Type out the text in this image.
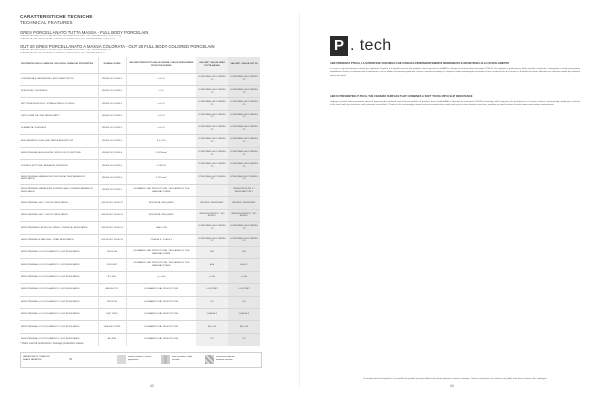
CARATTERISTICHE TECNICHE
TECHNICAL FEATURES
GRES PORCELLANATO TUTTA MASSA - FULL BODY PORCELAIN
CLASSIFICAZIONE: GRUPPO BIa SECONDO NORMA UNI EN 14411 / ISO 13006 ALLEGATO G (E ≤ 0,5%)
CLASSIFICATION: GROUP BIa ACCORDING TO UNI EN 14411 / ISO 13006 APPENDIX G (E ≤ 0,5%)
OUT 20 GRES PORCELLANATO A MASSA COLORATA - OUT 20 FULL BODY COLORED PORCELAIN
CLASSIFICAZIONE: GRUPPO BIa SECONDO NORMA UNI EN 14411 / ISO 13006 ALLEGATO G
CLASSIFICATION: GROUP BIa ACCORDING TO UNI EN 14411 / ISO 13006 APPENDIX G
PROPRIETÀ FISICO-CHIMICHE / PHYSICAL-CHEMICAL PROPERTIES	NORMA / NORM	VALORE PRESCRITTO DALLE NORME / VALUE PRESCRIBED FROM THE NORMS	VALORE* / VALUE GRES TUTTA MASSA	VALORE* / VALUE OUT 20
LUNGHEZZA E LARGHEZZA / LENGTH AND WIDTH	UNI EN ISO 10545-2	± 0,6 %	CONFORME / ACCORDING TO	CONFORME / ACCORDING TO
SPESSORE / THICKNESS	UNI EN ISO 10545-2	± 5 %	CONFORME / ACCORDING TO	CONFORME / ACCORDING TO
RETTILINEITÀ SPIGOLI / STRAIGHTNESS OF SIDES	UNI EN ISO 10545-2	± 0,5 %	CONFORME / ACCORDING TO	CONFORME / ACCORDING TO
ORTOGONALITÀ / RECTANGULARITY	UNI EN ISO 10545-2	± 0,5 %	CONFORME / ACCORDING TO	CONFORME / ACCORDING TO
PLANARITÀ / FLATNESS	UNI EN ISO 10545-2	± 0,5 %	CONFORME / ACCORDING TO	CONFORME / ACCORDING TO
ASSORBIMENTO D'ACQUA / WATER ABSORPTION	UNI EN ISO 10545-3	E ≤ 0,5%	CONFORME / ACCORDING TO	CONFORME / ACCORDING TO
RESISTENZA ALLA FLESSIONE / MODULUS OF RUPTURE	UNI EN ISO 10545-4	≥ 35 N/mm²	CONFORME / ACCORDING TO	CONFORME / ACCORDING TO
FORZA DI ROTTURA / BREAKING STRENGTH	UNI EN ISO 10545-4	≥ 1300 N	CONFORME / ACCORDING TO	CONFORME / ACCORDING TO
RESISTENZA ALL'ABRASIONE PROFONDA / DEEP ABRASION RESISTANCE	UNI EN ISO 10545-6	≤ 175 mm³	CONFORME / ACCORDING TO	CONFORME / ACCORDING TO
RESISTENZA ALL'ABRASIONE SUPERFICIALE / SURFACE ABRASION RESISTANCE	UNI EN ISO 10545-7	DICHIARATO DAL PRODUTTORE / DECLARED BY THE MANUFACTURER		RESISTENTE PEI V / RESISTANT PEI V
RESISTENZA AL GELO / FROST RESISTANCE	UNI EN ISO 10545-12	RICHIESTA / REQUIRED	RESISTE / RESISTANT	RESISTE / RESISTANT
RESISTENZA AL GELO / FROST RESISTANCE	UNI EN ISO 10545-13	RICHIESTA / REQUIRED	NESSUN EFFETTO / NO EFFECT	NESSUN EFFETTO / NO EFFECT
RESISTENZA AGLI ATTACCHI CHIMICI / CHEMICAL RESISTANCE	UNI EN ISO 10545-13	UHA / ULA	CONFORME / ACCORDING TO	CONFORME / ACCORDING TO
RESISTENZA ALLE MACCHIE / STAIN RESISTANCE	UNI EN ISO 10545-14	CLASSE 3 / CLASS 3	CONFORME / ACCORDING TO	CONFORME / ACCORDING TO
RESISTENZA ALLO SCIVOLAMENTO / SLIP RESISTANCE	DIN 51130	DICHIARATO DAL PRODUTTORE / DECLARED BY THE MANUFACTURER	R10	R11
RESISTENZA ALLO SCIVOLAMENTO / SLIP RESISTANCE	DIN 51097	DICHIARATO DAL PRODUTTORE / DECLARED BY THE MANUFACTURER	A+B	A+B+C
RESISTENZA ALLO SCIVOLAMENTO / SLIP RESISTANCE	B.C.R.A.	μ > 0,40	> 0,40	> 0,40
RESISTENZA ALLO SCIVOLAMENTO / SLIP RESISTANCE	ANSI A 137.1	DICHIARATO DAL PRODUTTORE	≥ 0,42 WET	≥ 0,42 WET
RESISTENZA ALLO SCIVOLAMENTO / SLIP RESISTANCE	DIN 51131	DICHIARATO DAL PRODUTTORE	0,5	0,5
RESISTENZA ALLO SCIVOLAMENTO / SLIP RESISTANCE	ENV 12633	DICHIARATO DAL PRODUTTORE	CLASSE 1	CLASSE 2
RESISTENZA ALLO SCIVOLAMENTO / SLIP RESISTANCE	UNE-ENV 12633	DICHIARATO DAL PRODUTTORE	RD ≥ 35	RD ≥ 45
RESISTENZA ALLO SCIVOLAMENTO / SLIP RESISTANCE	AS 4586	DICHIARATO DAL PRODUTTORE	P3	P4
* Valori medi di produzione / Average production values
VARIAZIONE DI TONALITÀ / SHADE VARIATION	V2
aspetto uniforme / uniform appearance
lieve variazione / slight variation
variazione moderata / moderate variation
42
P . tech
ABK PRESENTA PTECH, LA SUPERFICIE CERAMICA CHE CONIUGA PERMANENTEMENTE MORBIDEZZA E RESISTENZA ALLO SCIVOLAMENTO
La ricerca e gli investimenti continui per migliorare l'aspetto e le qualità tecniche del prodotto, hanno permesso ad ABK lo sviluppo di un'innovativa tecnologia PTECH, che migliora le performance delle superfici ceramiche, coniugando in modo permanente morbidezza al tatto e resistenza allo scivolamento, con un effetto visivamente gradevole. Grazie a questa tecnologia, le superfici trattate mantengono nel tempo le loro caratteristiche di sicurezza e di facilità di pulizia, offrendo una soluzione ideale per ambienti interni ed esterni.
ABK IS PRESENTING P-TECH, THE CERAMIC SURFACE THAT COMBINES A SOFT TOUCH WITH SLIP RESISTANCE
Ongoing research and investments aimed at improving the aesthetic and technical qualities of products have enabled ABK to develop the innovative PTECH technology, which improves the performance of ceramic surfaces, permanently combining a soft feel to the touch with slip resistance and a pleasant visual effect. Thanks to this technology, treated surfaces maintain their safety and easy-to-clean features over time, providing an ideal solution for both indoor and outdoor environments.
La caratteristiche di superficie e le tonalità dei prodotti possono differire da quanto riportato in questo catalogo. Colours and features of surfaces may differ from those shown in this catalogue.
43
